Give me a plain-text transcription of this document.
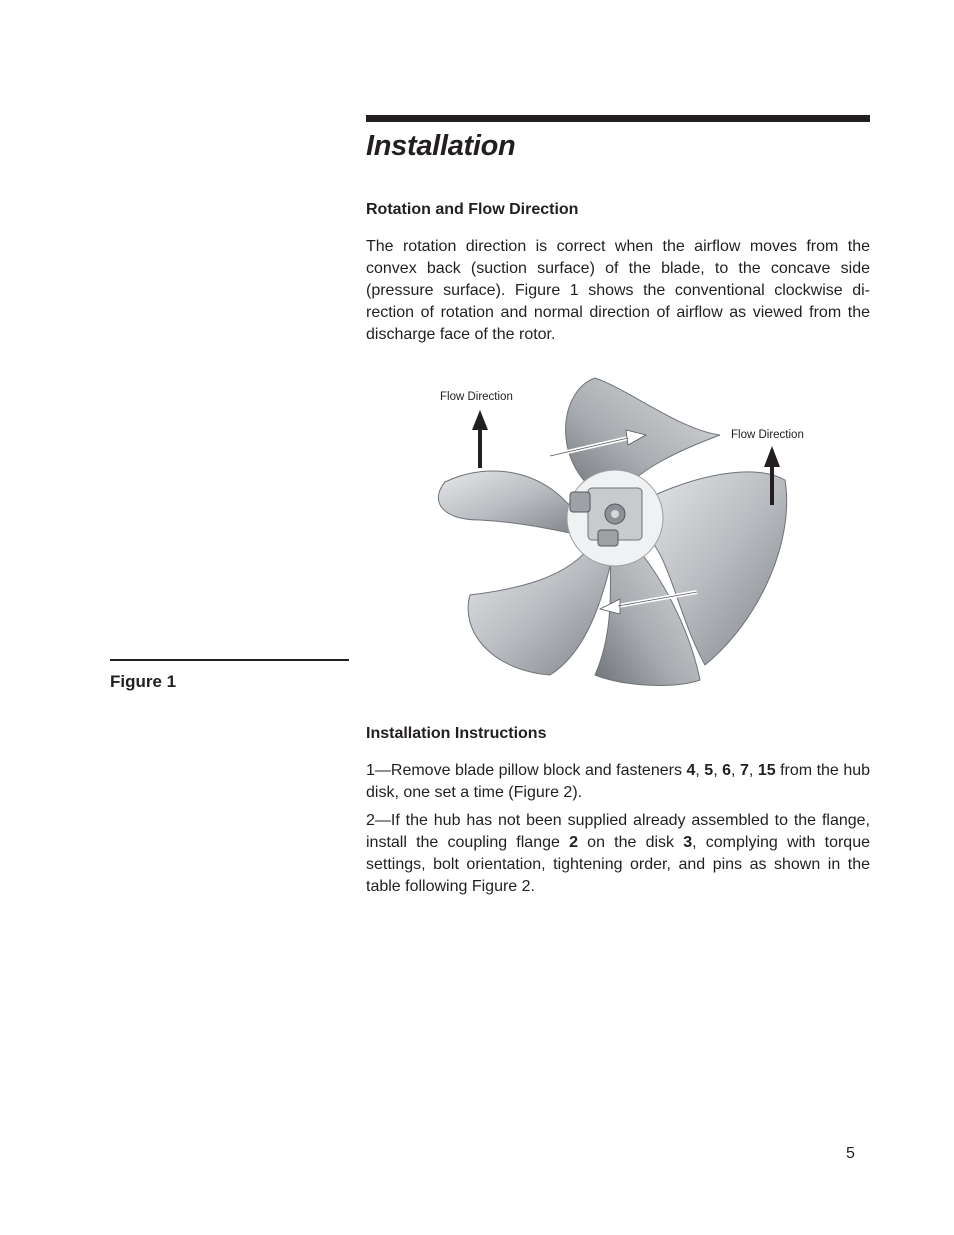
Installation
Rotation and Flow Direction

The rotation direction is correct when the airflow moves from the convex back (suction surface) of the blade, to the concave side (pressure surface). Figure 1 shows the conventional clockwise di-rection of rotation and normal direction of airflow as viewed from the discharge face of the rotor.

Flow Direction
Flow Direction

Figure 1

Installation Instructions

1—Remove blade pillow block and fasteners 4, 5, 6, 7, 15 from the hub disk, one set a time (Figure 2).

2—If the hub has not been supplied already assembled to the flange, install the coupling flange 2 on the disk 3, complying with torque settings, bolt orientation, tightening order, and pins as shown in the table following Figure 2.

5
